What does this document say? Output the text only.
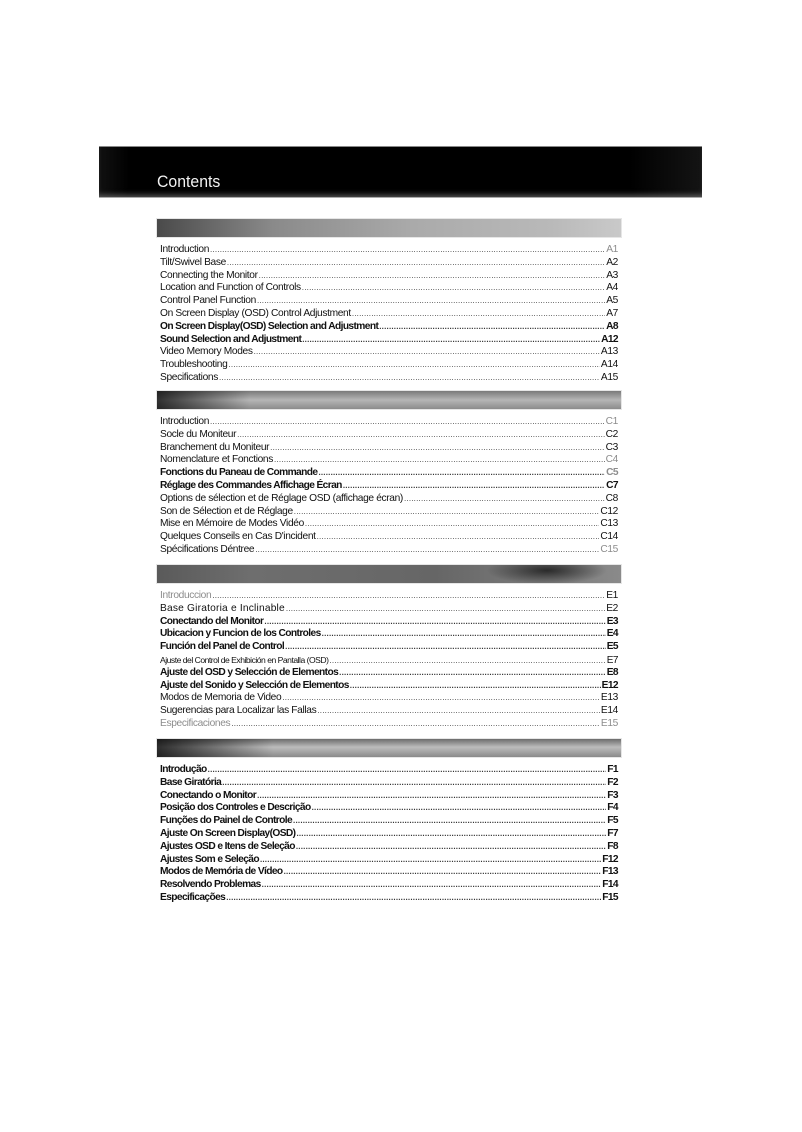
Contents
Introduction .....	A1
Tilt/Swivel Base .....	A2
Connecting the Monitor .....	A3
Location and Function of Controls .....	A4
Control Panel Function .....	A5
On Screen Display (OSD) Control Adjustment .....	A7
On Screen Display(OSD) Selection and Adjustment .....	A8
Sound Selection and Adjustment .....	A12
Video Memory Modes .....	A13
Troubleshooting .....	A14
Specifications .....	A15
Introduction .....	C1
Socle du Moniteur .....	C2
Branchement du Moniteur .....	C3
Nomenclature et Fonctions .....	C4
Fonctions du Paneau de Commande .....	C5
Réglage des Commandes Affichage Écran .....	C7
Options de sélection et de Réglage OSD (affichage écran) .....	C8
Son de Sélection et de Réglage .....	C12
Mise en Mémoire de Modes Vidéo .....	C13
Quelques Conseils en Cas D'incident .....	C14
Spécifications Déntree .....	C15
Introduccion .....	E1
Base Giratoria e Inclinable .....	E2
Conectando del Monitor .....	E3
Ubicacion y Funcion de los Controles .....	E4
Función del Panel de Control .....	E5
Ajuste del Control de Exhibición en Pantalla (OSD) .....	E7
Ajuste del OSD y Selección de Elementos .....	E8
Ajuste del Sonido y Selección de Elementos .....	E12
Modos de Memoria de Video .....	E13
Sugerencias para Localizar las Fallas .....	E14
Especificaciones .....	E15
Introdução .....	F1
Base Giratória .....	F2
Conectando o Monitor .....	F3
Posição dos Controles e Descrição .....	F4
Funções do Painel de Controle .....	F5
Ajuste On Screen Display(OSD) .....	F7
Ajustes OSD e Itens de Seleção .....	F8
Ajustes Som e Seleção .....	F12
Modos de Memória de Vídeo .....	F13
Resolvendo Problemas .....	F14
Especificações .....	F15
